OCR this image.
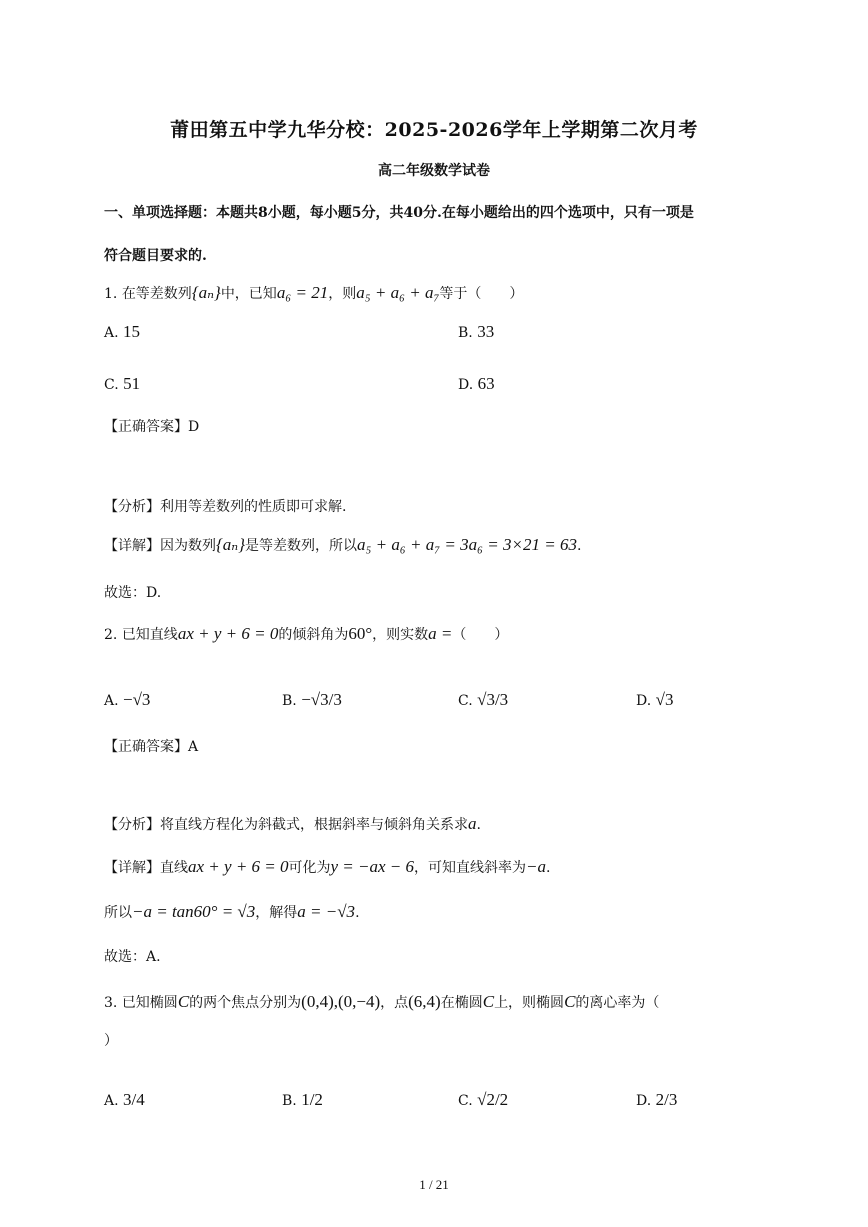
莆田第五中学九华分校：2025-2026学年上学期第二次月考
高二年级数学试卷
一、单项选择题：本题共8小题，每小题5分，共40分.在每小题给出的四个选项中，只有一项是
符合题目要求的.
1. 在等差数列{aₙ}中，已知a₆ = 21，则a₅ + a₆ + a₇等于（　　）
A. 15	B. 33
C. 51	D. 63
【正确答案】D
【分析】利用等差数列的性质即可求解.
【详解】因为数列{aₙ}是等差数列，所以a₅ + a₆ + a₇ = 3a₆ = 3×21 = 63.
故选：D.
2. 已知直线ax + y + 6 = 0的倾斜角为60°，则实数a =（　　）
A. −√3	B. −√3/3	C. √3/3	D. √3
【正确答案】A
【分析】将直线方程化为斜截式，根据斜率与倾斜角关系求a.
【详解】直线ax + y + 6 = 0可化为y = −ax − 6，可知直线斜率为−a.
所以−a = tan60° = √3，解得a = −√3.
故选：A.
3. 已知椭圆C的两个焦点分别为(0,4),(0,−4)，点(6,4)在椭圆C上，则椭圆C的离心率为（
）
A. 3/4	B. 1/2	C. √2/2	D. 2/3
1 / 21
